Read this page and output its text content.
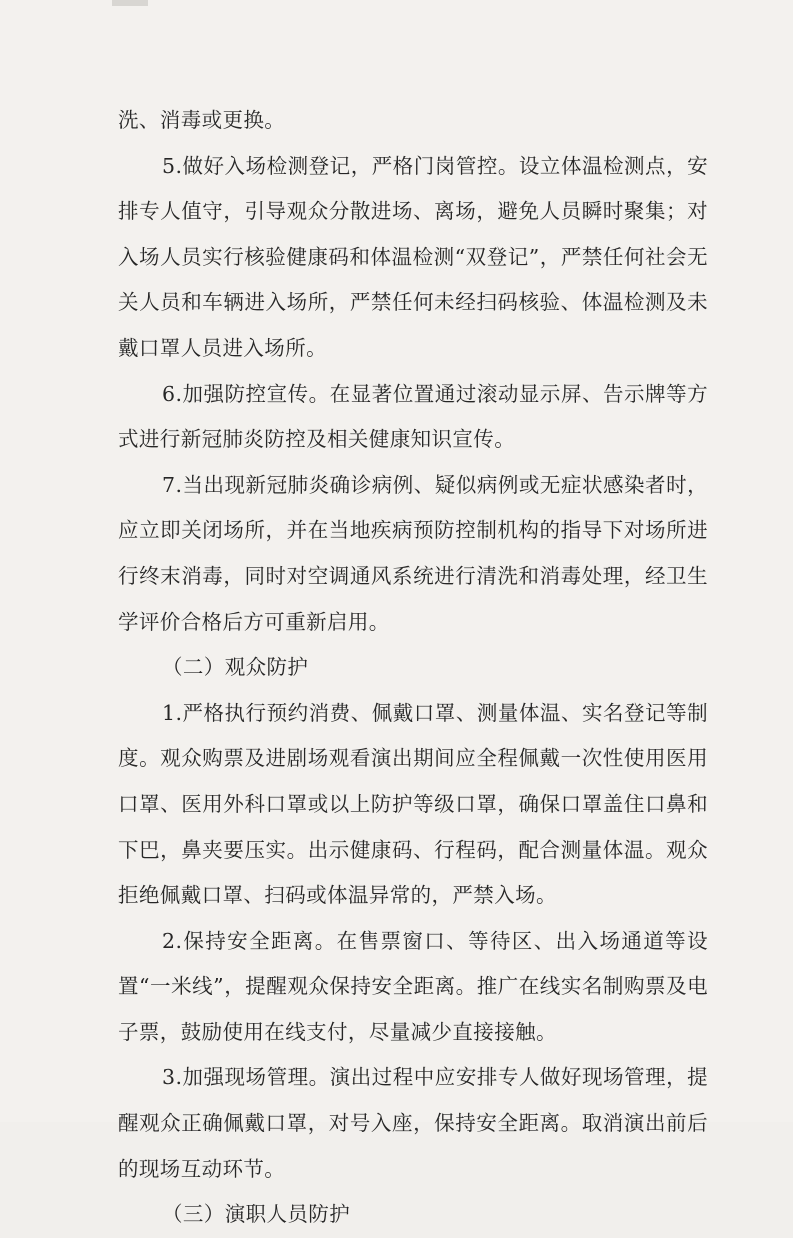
洗、消毒或更换。

5.做好入场检测登记，严格门岗管控。设立体温检测点，安排专人值守，引导观众分散进场、离场，避免人员瞬时聚集；对入场人员实行核验健康码和体温检测“双登记”，严禁任何社会无关人员和车辆进入场所，严禁任何未经扫码核验、体温检测及未戴口罩人员进入场所。

6.加强防控宣传。在显著位置通过滚动显示屏、告示牌等方式进行新冠肺炎防控及相关健康知识宣传。

7.当出现新冠肺炎确诊病例、疑似病例或无症状感染者时，应立即关闭场所，并在当地疾病预防控制机构的指导下对场所进行终末消毒，同时对空调通风系统进行清洗和消毒处理，经卫生学评价合格后方可重新启用。

（二）观众防护

1.严格执行预约消费、佩戴口罩、测量体温、实名登记等制度。观众购票及进剧场观看演出期间应全程佩戴一次性使用医用口罩、医用外科口罩或以上防护等级口罩，确保口罩盖住口鼻和下巴，鼻夹要压实。出示健康码、行程码，配合测量体温。观众拒绝佩戴口罩、扫码或体温异常的，严禁入场。

2.保持安全距离。在售票窗口、等待区、出入场通道等设置“一米线”，提醒观众保持安全距离。推广在线实名制购票及电子票，鼓励使用在线支付，尽量减少直接接触。

3.加强现场管理。演出过程中应安排专人做好现场管理，提醒观众正确佩戴口罩，对号入座，保持安全距离。取消演出前后的现场互动环节。

（三）演职人员防护
